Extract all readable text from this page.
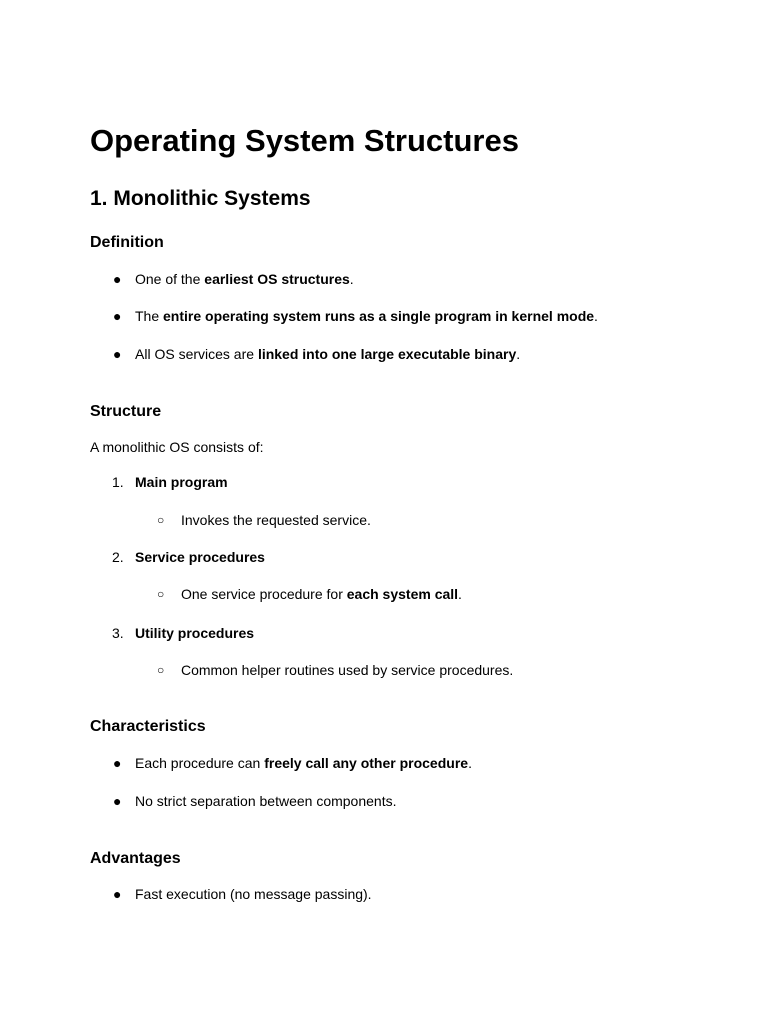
Operating System Structures
1. Monolithic Systems
Definition
● One of the earliest OS structures.
● The entire operating system runs as a single program in kernel mode.
● All OS services are linked into one large executable binary.
Structure
A monolithic OS consists of:
1. Main program
○ Invokes the requested service.
2. Service procedures
○ One service procedure for each system call.
3. Utility procedures
○ Common helper routines used by service procedures.
Characteristics
● Each procedure can freely call any other procedure.
● No strict separation between components.
Advantages
● Fast execution (no message passing).
